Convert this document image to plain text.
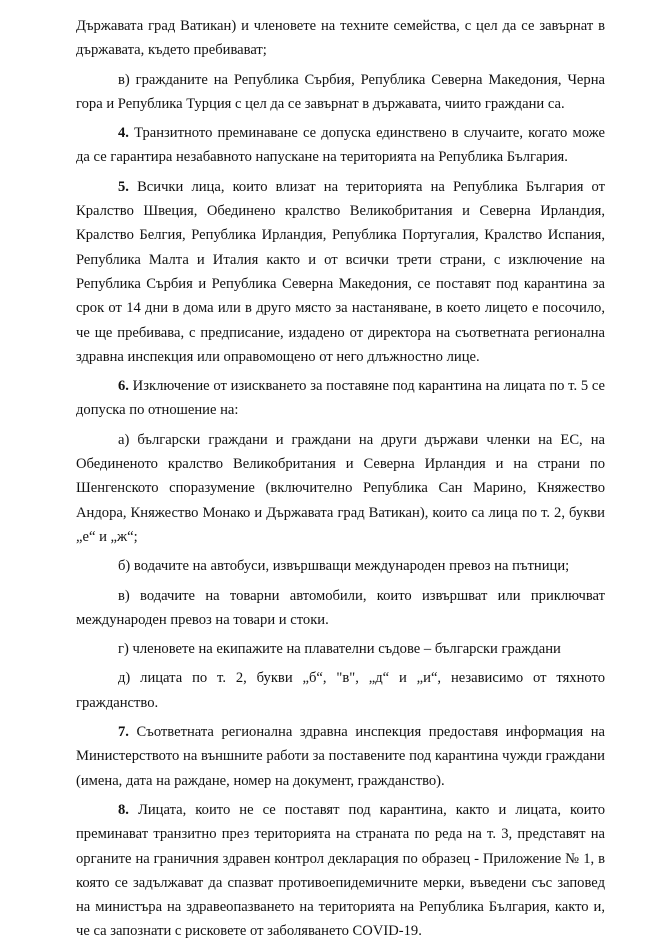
Държавата град Ватикан) и членовете на техните семейства, с цел да се завърнат в държавата, където пребивават;

в) гражданите на Република Сърбия, Република Северна Македония, Черна гора и Република Турция с цел да се завърнат в държавата, чиито граждани са.

4. Транзитното преминаване се допуска единствено в случаите, когато може да се гарантира незабавното напускане на територията на Република България.

5. Всички лица, които влизат на територията на Република България от Кралство Швеция, Обединено кралство Великобритания и Северна Ирландия, Кралство Белгия, Република Ирландия, Република Португалия, Кралство Испания, Република Малта и Италия както и от всички трети страни, с изключение на Република Сърбия и Република Северна Македония, се поставят под карантина за срок от 14 дни в дома или в друго място за настаняване, в което лицето е посочило, че ще пребивава, с предписание, издадено от директора на съответната регионална здравна инспекция или оправомощено от него длъжностно лице.

6. Изключение от изискването за поставяне под карантина на лицата по т. 5 се допуска по отношение на:

а) български граждани и граждани на други държави членки на ЕС, на Обединеното кралство Великобритания и Северна Ирландия и на страни по Шенгенското споразумение (включително Република Сан Марино, Княжество Андора, Княжество Монако и Държавата град Ватикан), които са лица по т. 2, букви „е“ и „ж“;

б) водачите на автобуси, извършващи международен превоз на пътници;

в) водачите на товарни автомобили, които извършват или приключват международен превоз на товари и стоки.

г) членовете на екипажите на плавателни съдове – български граждани

д) лицата по т. 2, букви „б“, "в", „д“ и „и“, независимо от тяхното гражданство.

7. Съответната регионална здравна инспекция предоставя информация на Министерството на външните работи за поставените под карантина чужди граждани (имена, дата на раждане, номер на документ, гражданство).

8. Лицата, които не се поставят под карантина, както и лицата, които преминават транзитно през територията на страната по реда на т. 3, представят на органите на граничния здравен контрол декларация по образец - Приложение № 1, в която се задължават да спазват противоепидемичните мерки, въведени със заповед на министъра на здравеопазването на територията на Република България, както и, че са запознати с рисковете от заболяването COVID-19.
